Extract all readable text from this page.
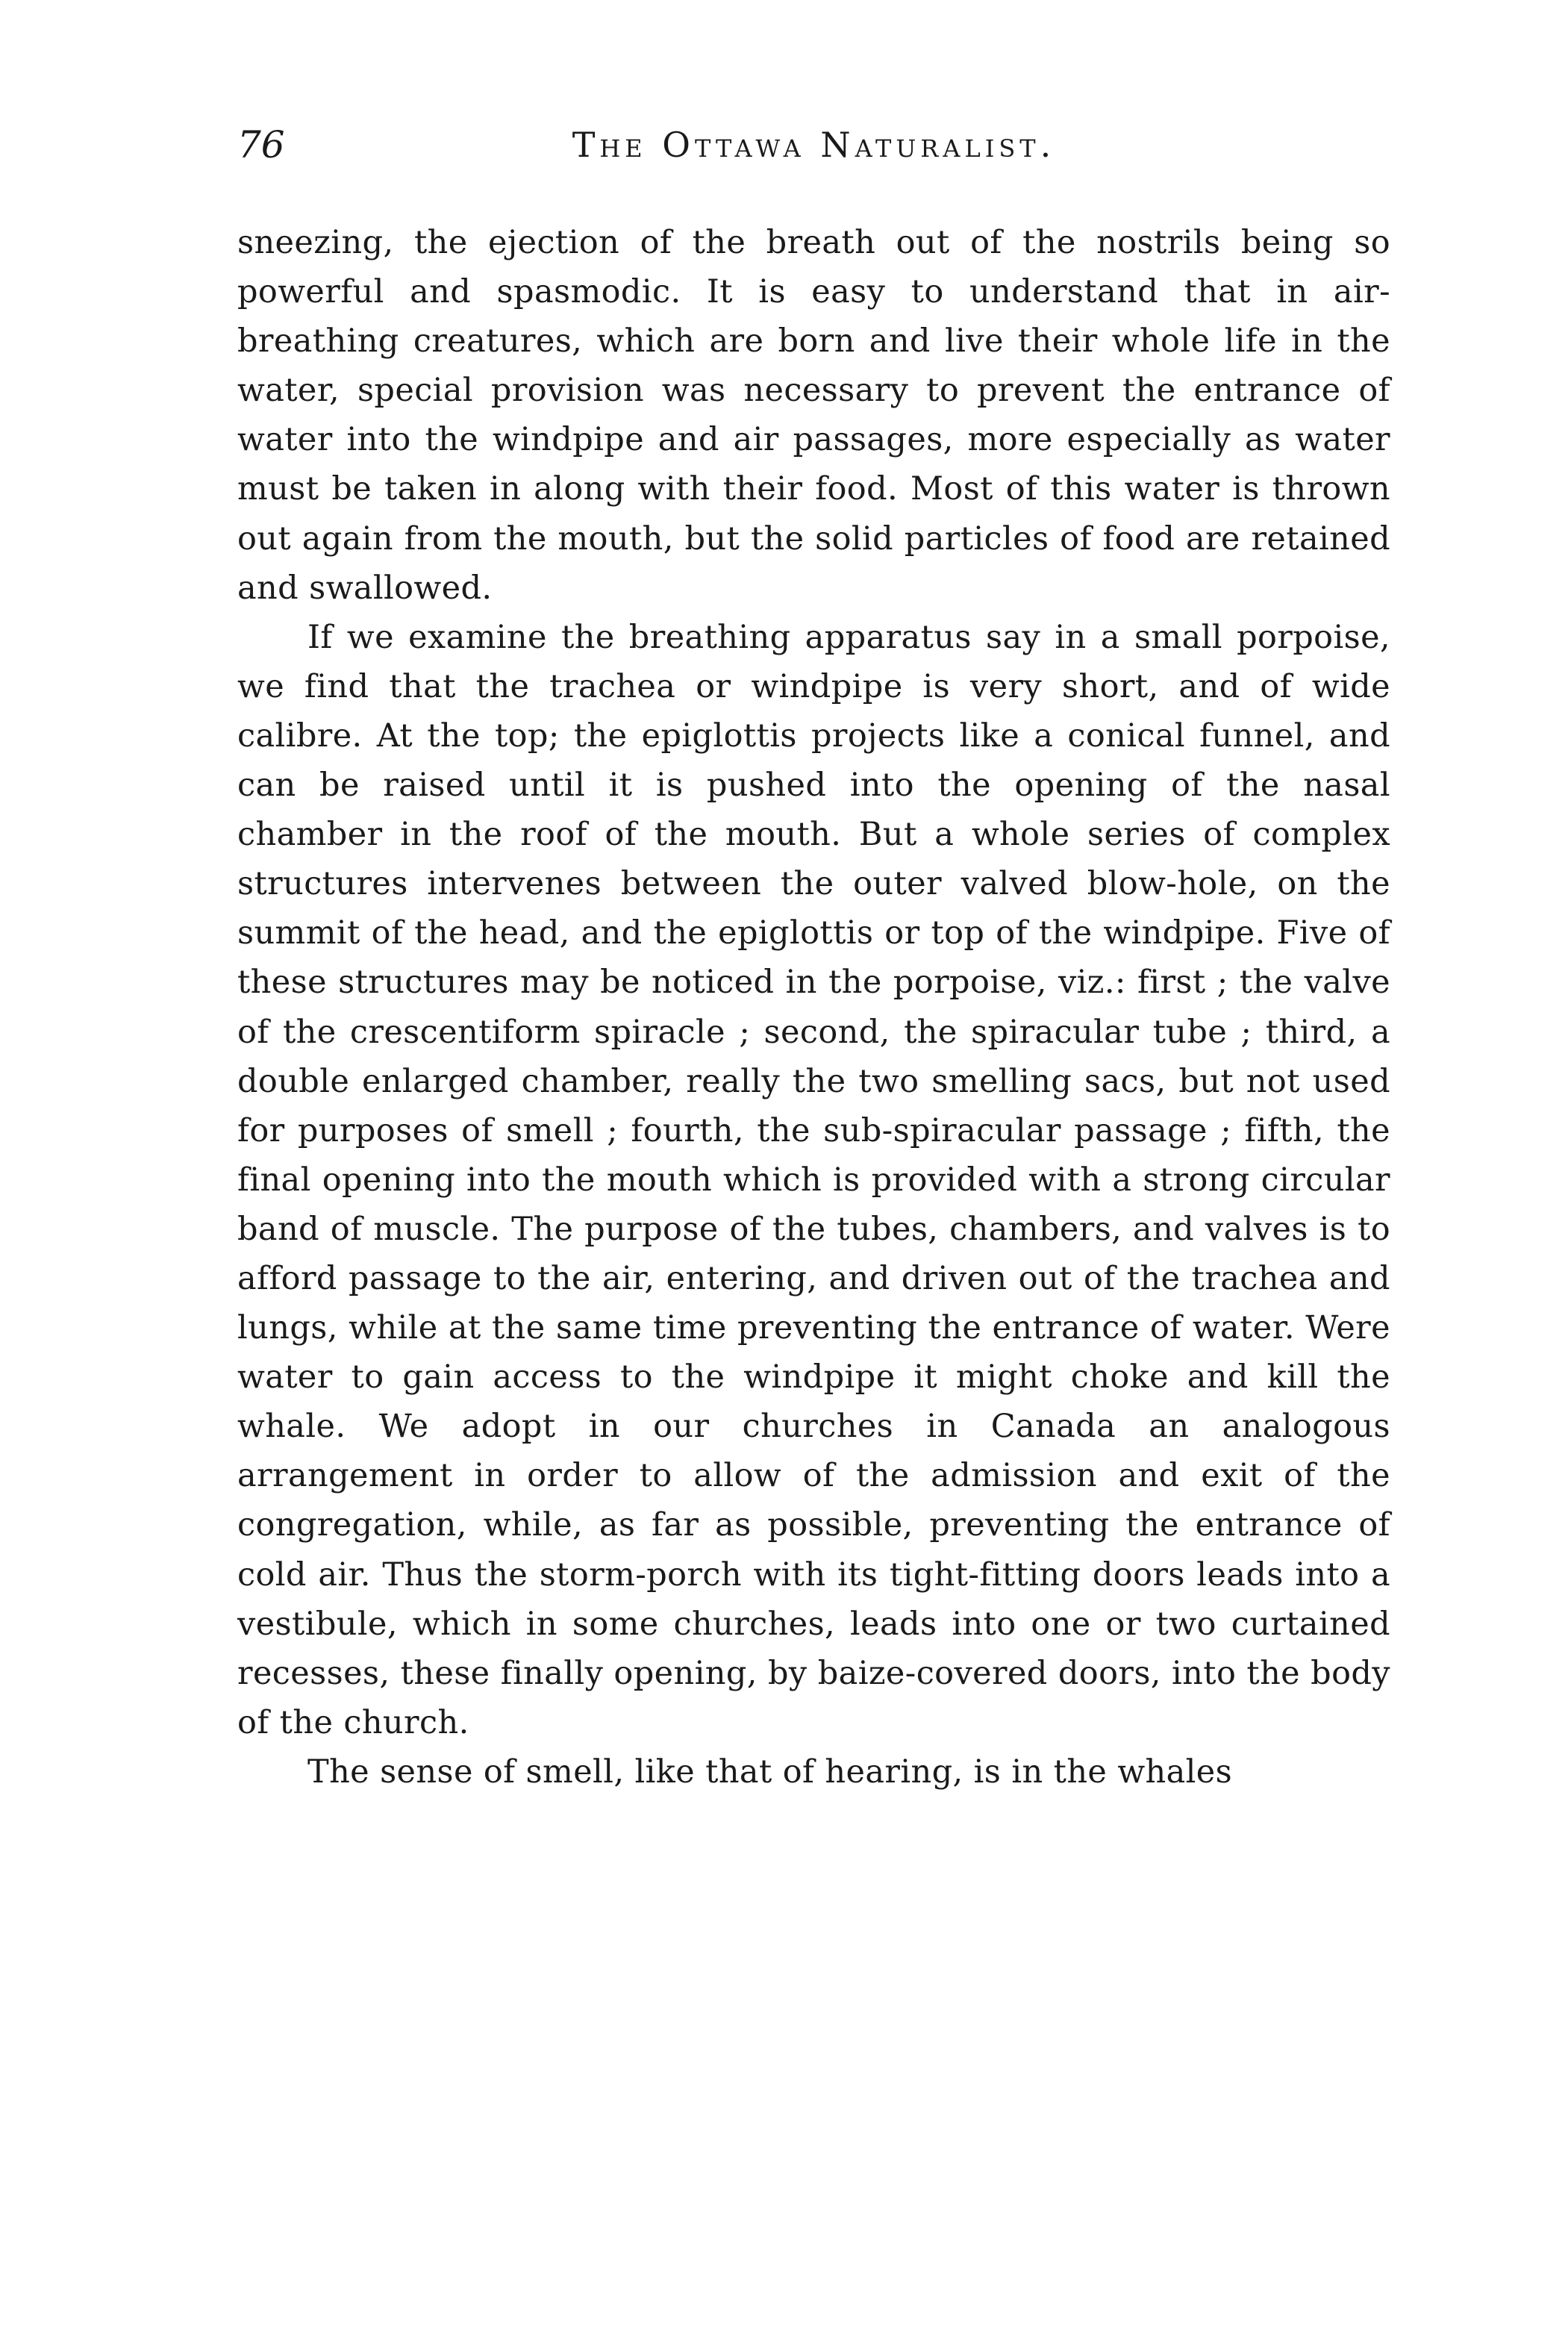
76	The Ottawa Naturalist.

sneezing, the ejection of the breath out of the nostrils being so powerful and spasmodic. It is easy to understand that in air-breathing creatures, which are born and live their whole life in the water, special provision was necessary to prevent the entrance of water into the windpipe and air passages, more especially as water must be taken in along with their food. Most of this water is thrown out again from the mouth, but the solid particles of food are retained and swallowed.

If we examine the breathing apparatus say in a small porpoise, we find that the trachea or windpipe is very short, and of wide calibre. At the top; the epiglottis projects like a conical funnel, and can be raised until it is pushed into the opening of the nasal chamber in the roof of the mouth. But a whole series of complex structures intervenes between the outer valved blow-hole, on the summit of the head, and the epiglottis or top of the windpipe. Five of these structures may be noticed in the porpoise, viz.: first ; the valve of the crescentiform spiracle ; second, the spiracular tube ; third, a double enlarged chamber, really the two smelling sacs, but not used for purposes of smell ; fourth, the sub-spiracular passage ; fifth, the final opening into the mouth which is provided with a strong circular band of muscle. The purpose of the tubes, chambers, and valves is to afford passage to the air, entering, and driven out of the trachea and lungs, while at the same time preventing the entrance of water. Were water to gain access to the windpipe it might choke and kill the whale. We adopt in our churches in Canada an analogous arrangement in order to allow of the admission and exit of the congregation, while, as far as possible, preventing the entrance of cold air. Thus the storm-porch with its tight-fitting doors leads into a vestibule, which in some churches, leads into one or two curtained recesses, these finally opening, by baize-covered doors, into the body of the church.

The sense of smell, like that of hearing, is in the whales
